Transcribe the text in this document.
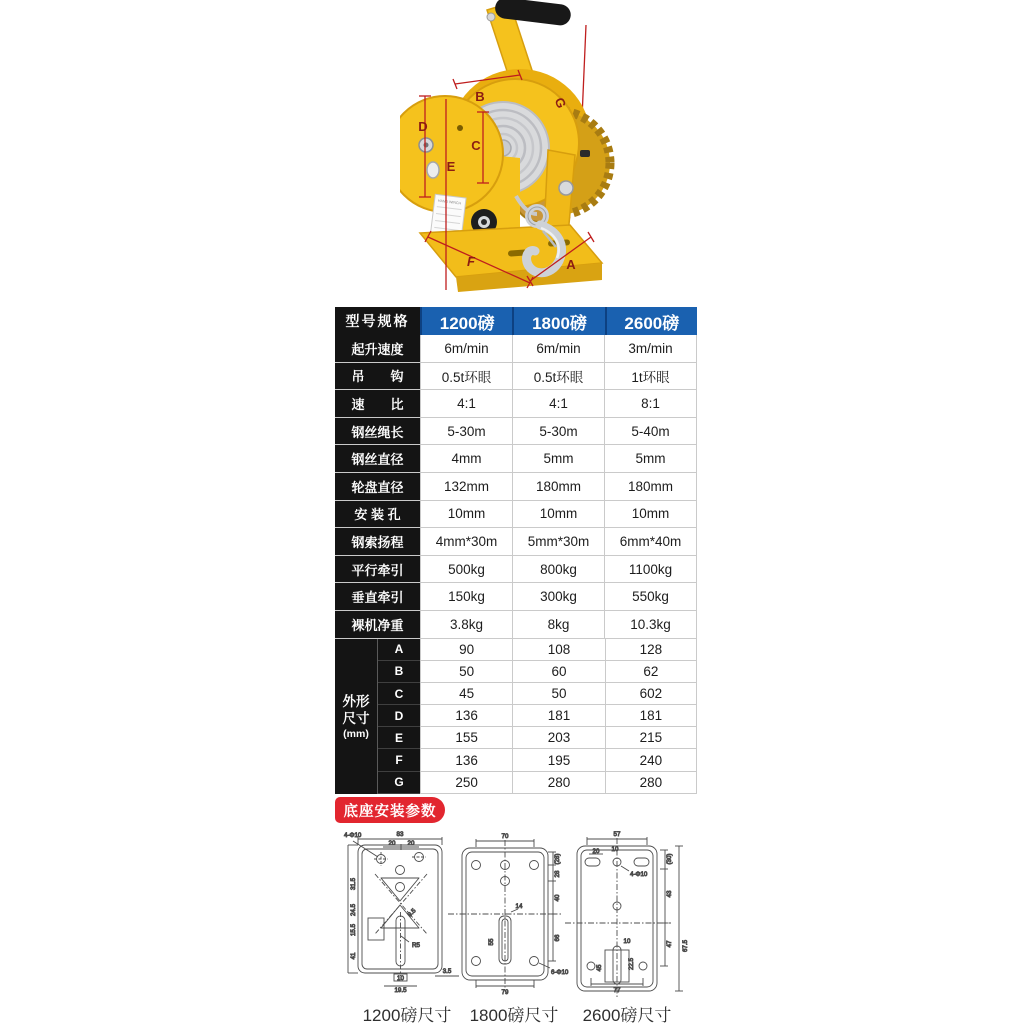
HAND WINCH
B
C
D
E
F	A
G
型号规格	1200磅	1800磅	2600磅
起升速度	6m/min	6m/min	3m/min
吊　　钩	0.5t环眼	0.5t环眼	1t环眼
速　　比	4:1	4:1	8:1
钢丝绳长	5-30m	5-30m	5-40m
钢丝直径	4mm	5mm	5mm
轮盘直径	132mm	180mm	180mm
安 装 孔	10mm	10mm	10mm
钢索扬程	4mm*30m	5mm*30m	6mm*40m
平行牵引	500kg	800kg	1100kg
垂直牵引	150kg	300kg	550kg
裸机净重	3.8kg	8kg	10.3kg
外形
尺寸
(mm)
A	90	108	128
B	50	60	62
C	45	50	602
D	136	181	181
E	155	203	215
F	136	195	240
G	250	280	280
底座安装参数
83
20 20
4-Φ10
31.5
24.5
15.5
41
9.5
R5
10
19.5
3.5
70
(28)
28
40
66
79
55
14
6-Φ10
57
20 10
4-Φ10
(30)
43
47 67.5
45	22.5
10
77
1200磅尺寸	1800磅尺寸	2600磅尺寸
